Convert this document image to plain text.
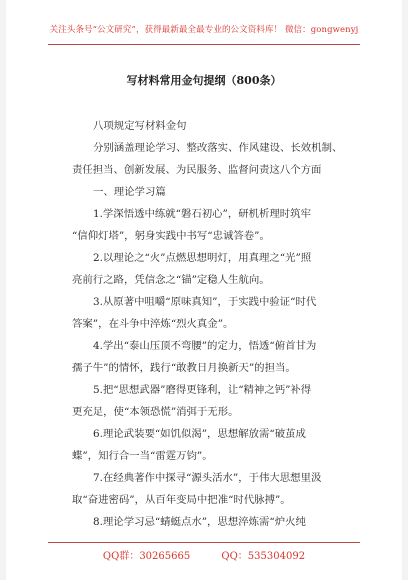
关注头条号“公文研究”，获得最新最全最专业的公文资料库！ 微信：gongwenyj
写材料常用金句提纲（800条）
八项规定写材料金句
分别涵盖理论学习、整改落实、作风建设、长效机制、
责任担当、创新发展、为民服务、监督问责这八个方面
一、理论学习篇
1.学深悟透中练就“磐石初心”，研机析理时筑牢
“信仰灯塔”，躬身实践中书写“忠诚答卷”。
2.以理论之“火”点燃思想明灯，用真理之“光”照
亮前行之路，凭信念之“锚”定稳人生航向。
3.从原著中咀嚼“原味真知”，于实践中验证“时代
答案”，在斗争中淬炼“烈火真金”。
4.学出“泰山压顶不弯腰”的定力，悟透“俯首甘为
孺子牛”的情怀，践行“敢教日月换新天”的担当。
5.把“思想武器”磨得更锋利，让“精神之钙”补得
更充足，使“本领恐慌”消弭于无形。
6.理论武装要“如饥似渴”，思想解放需“破茧成
蝶”，知行合一当“雷霆万钧”。
7.在经典著作中探寻“源头活水”，于伟大思想里汲
取“奋进密码”，从百年变局中把准“时代脉搏”。
8.理论学习忌“蜻蜓点水”，思想淬炼需“炉火纯
QQ群：30265665	QQ：535304092
